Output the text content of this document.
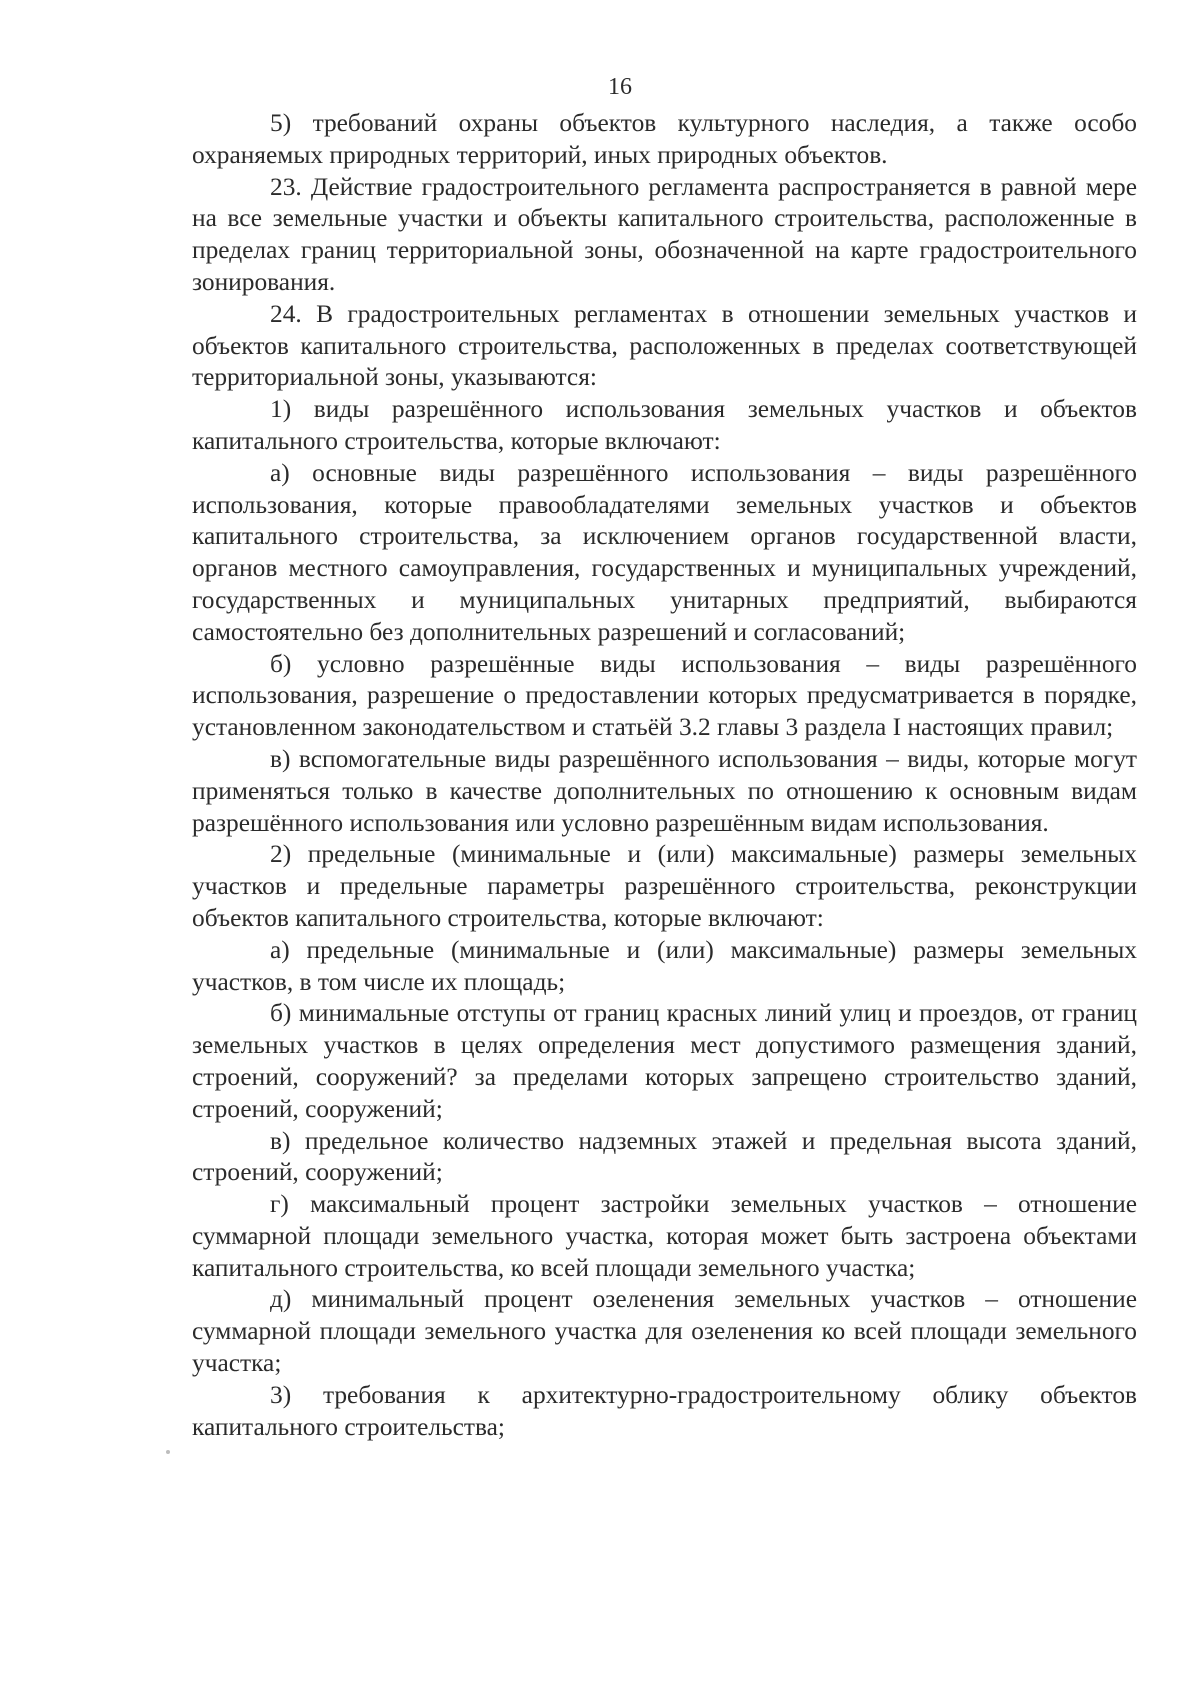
16

5) требований охраны объектов культурного наследия, а также особо охраняемых природных территорий, иных природных объектов.

23. Действие градостроительного регламента распространяется в равной мере на все земельные участки и объекты капитального строительства, расположенные в пределах границ территориальной зоны, обозначенной на карте градостроительного зонирования.

24. В градостроительных регламентах в отношении земельных участков и объектов капитального строительства, расположенных в пределах соответствующей территориальной зоны, указываются:

1) виды разрешённого использования земельных участков и объектов капитального строительства, которые включают:

а) основные виды разрешённого использования – виды разрешённого использования, которые правообладателями земельных участков и объектов капитального строительства, за исключением органов государственной власти, органов местного самоуправления, государственных и муниципальных учреждений, государственных и муниципальных унитарных предприятий, выбираются самостоятельно без дополнительных разрешений и согласований;

б) условно разрешённые виды использования – виды разрешённого использования, разрешение о предоставлении которых предусматривается в порядке, установленном законодательством и статьёй 3.2 главы 3 раздела I настоящих правил;

в) вспомогательные виды разрешённого использования – виды, которые могут применяться только в качестве дополнительных по отношению к основным видам разрешённого использования или условно разрешённым видам использования.

2) предельные (минимальные и (или) максимальные) размеры земельных участков и предельные параметры разрешённого строительства, реконструкции объектов капитального строительства, которые включают:

а) предельные (минимальные и (или) максимальные) размеры земельных участков, в том числе их площадь;

б) минимальные отступы от границ красных линий улиц и проездов, от границ земельных участков в целях определения мест допустимого размещения зданий, строений, сооружений? за пределами которых запрещено строительство зданий, строений, сооружений;

в) предельное количество надземных этажей и предельная высота зданий, строений, сооружений;

г) максимальный процент застройки земельных участков – отношение суммарной площади земельного участка, которая может быть застроена объектами капитального строительства, ко всей площади земельного участка;

д) минимальный процент озеленения земельных участков – отношение суммарной площади земельного участка для озеленения ко всей площади земельного участка;

3) требования к архитектурно-градостроительному облику объектов капитального строительства;
